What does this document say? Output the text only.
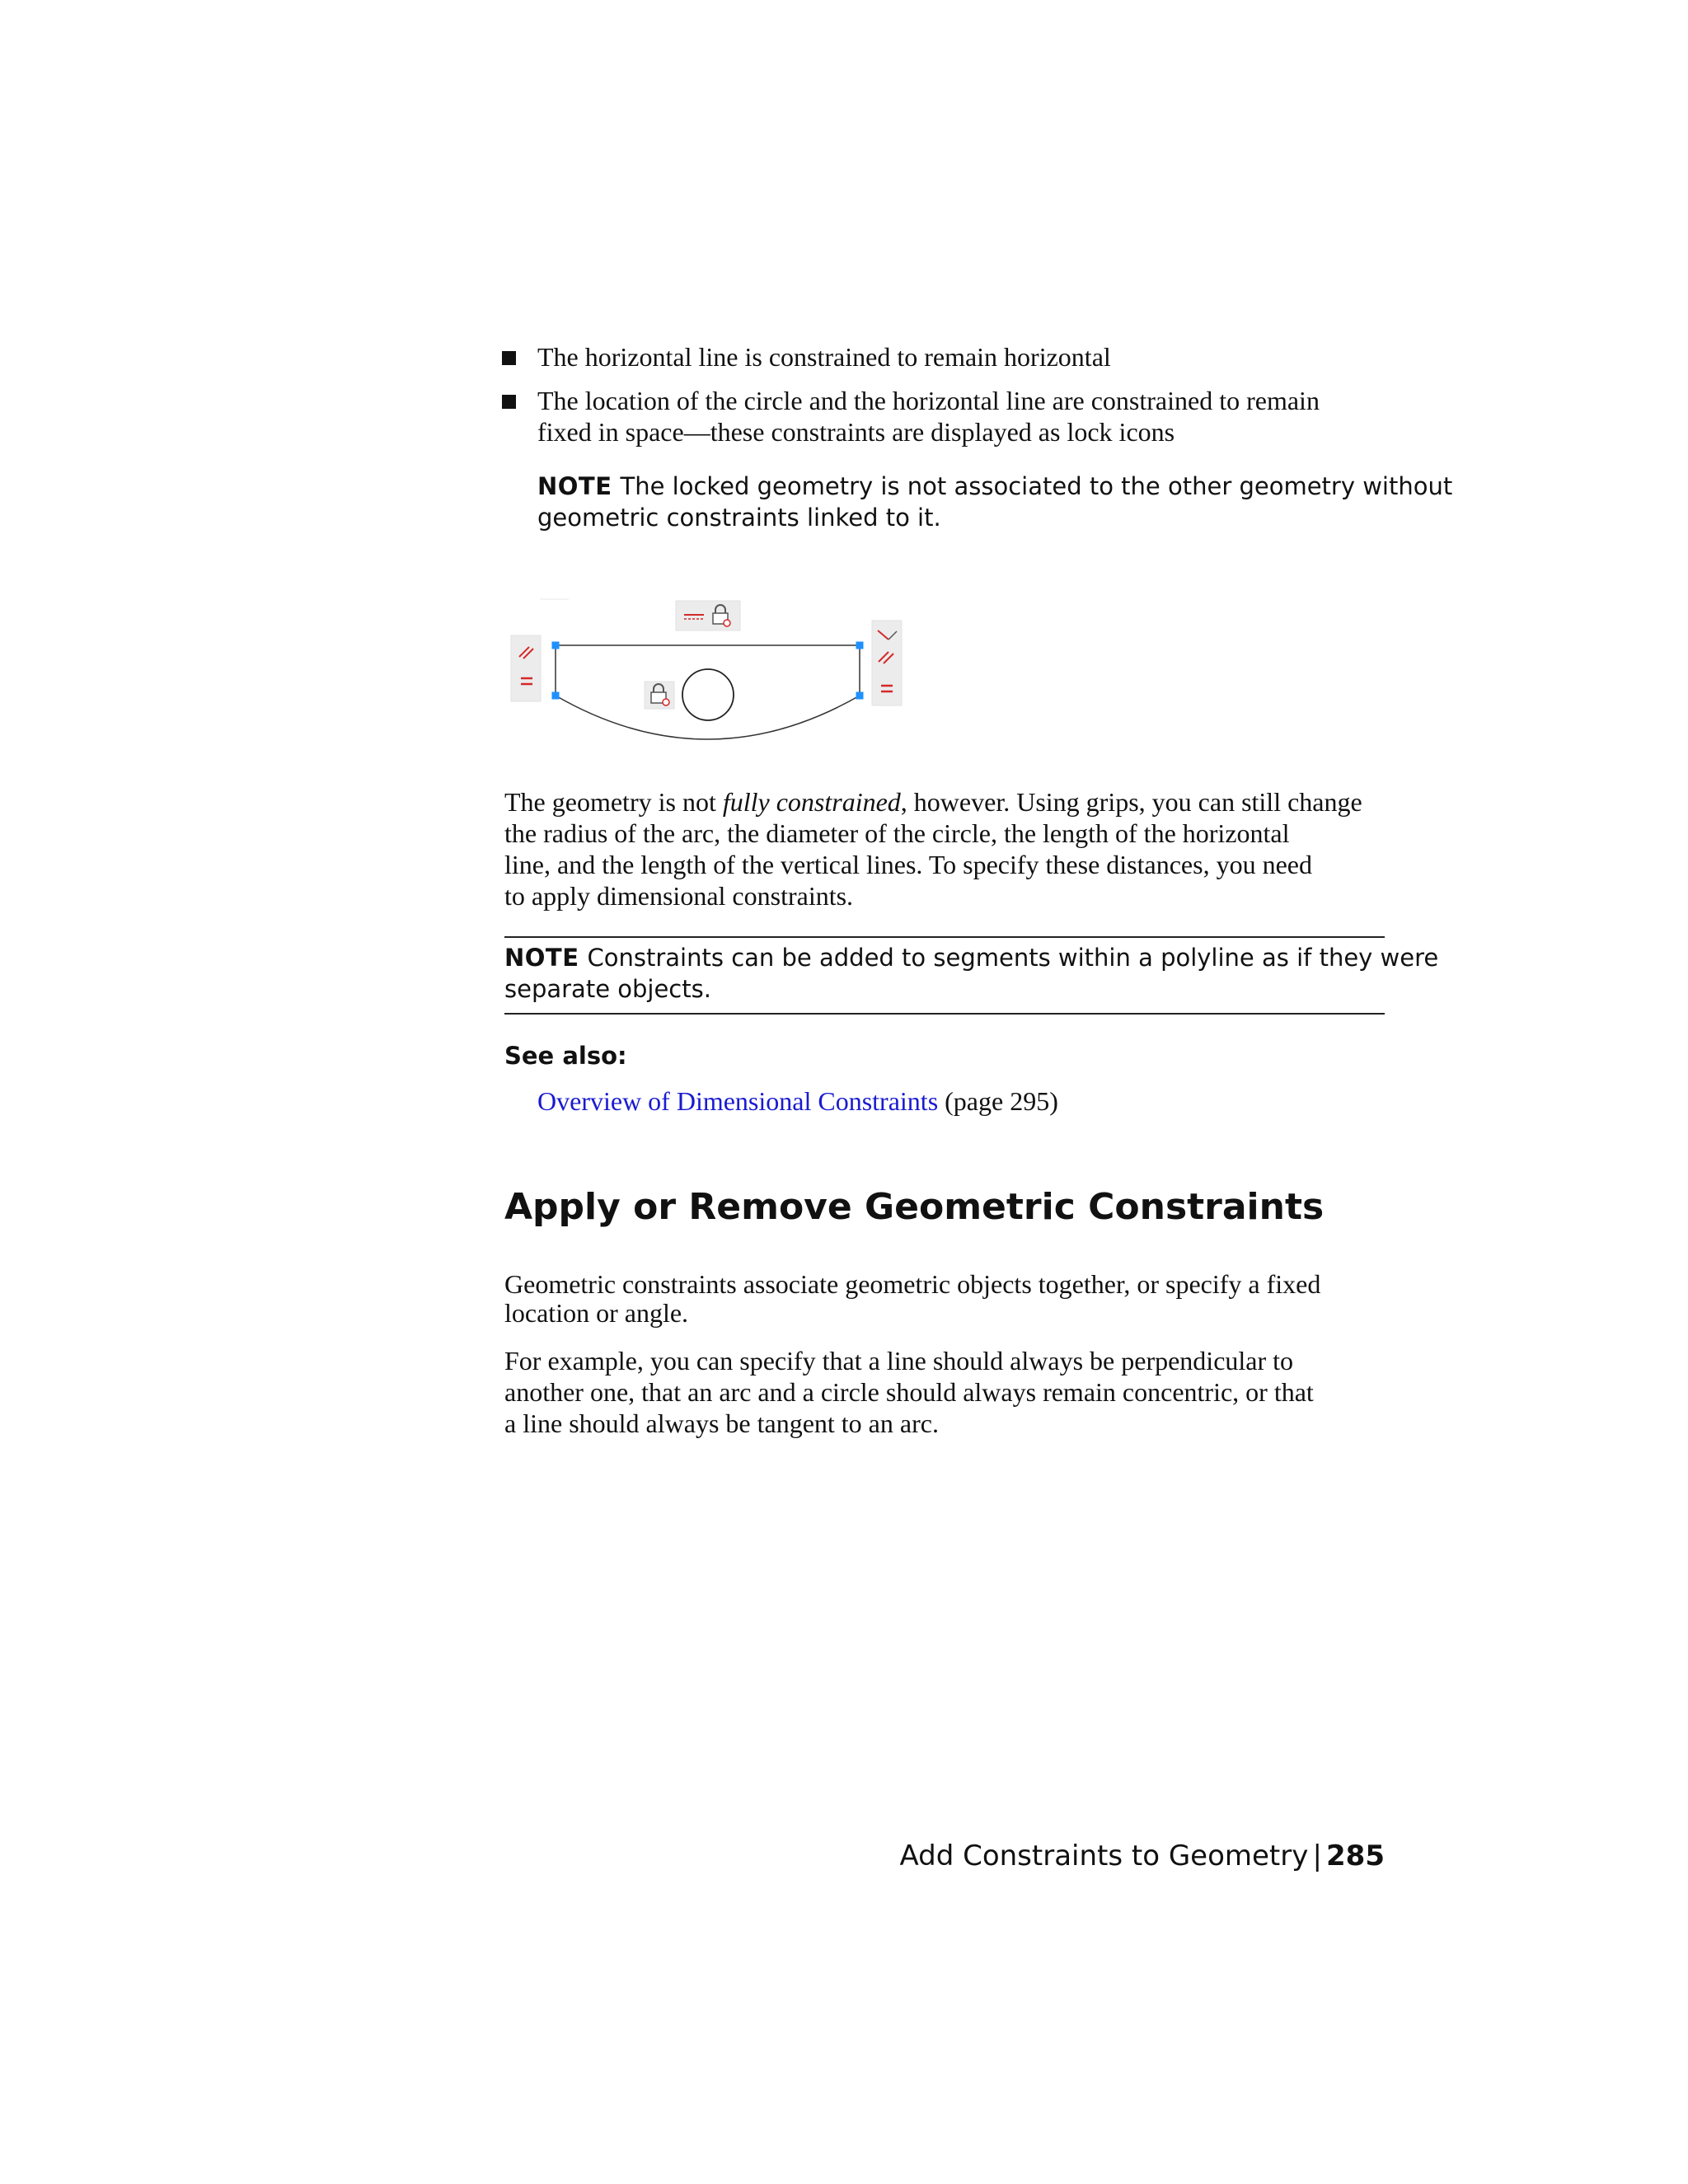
The horizontal line is constrained to remain horizontal
The location of the circle and the horizontal line are constrained to remain
fixed in space—these constraints are displayed as lock icons
NOTE The locked geometry is not associated to the other geometry without
geometric constraints linked to it.
The geometry is not fully constrained, however. Using grips, you can still change
the radius of the arc, the diameter of the circle, the length of the horizontal
line, and the length of the vertical lines. To specify these distances, you need
to apply dimensional constraints.
NOTE Constraints can be added to segments within a polyline as if they were
separate objects.
See also:
Overview of Dimensional Constraints (page 295)
Apply or Remove Geometric Constraints
Geometric constraints associate geometric objects together, or specify a fixed
location or angle.
For example, you can specify that a line should always be perpendicular to
another one, that an arc and a circle should always remain concentric, or that
a line should always be tangent to an arc.
Add Constraints to Geometry | 285
